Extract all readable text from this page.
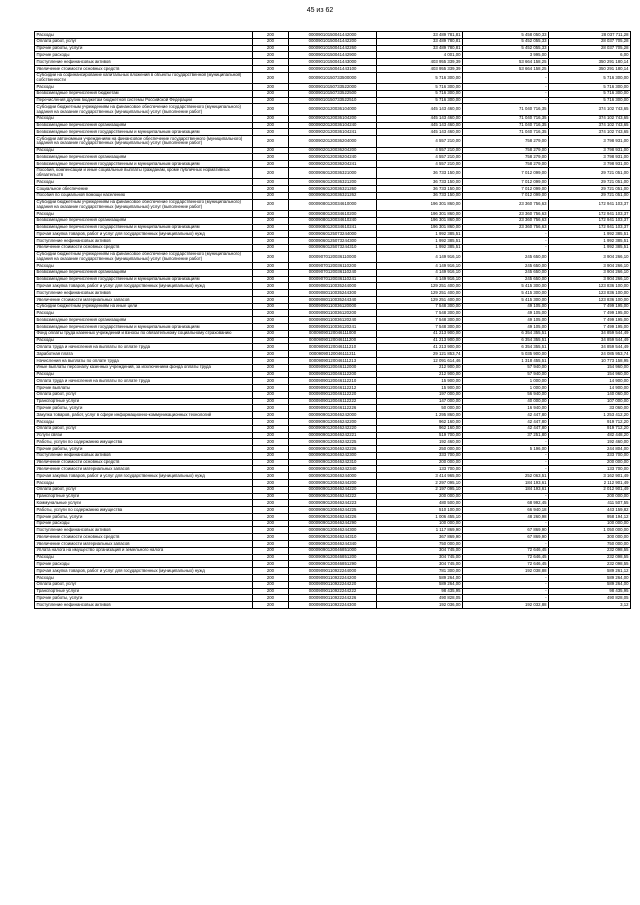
45 из 62
Расходы	200	00009010150041442000	33 489 781,81	5 458 050,33	28 037 711,28
Оплата работ, услуг	200	00009010150041442200	33 489 780,81	5 452 055,33	28 037 705,28
Прочие работы, услуги	200	00009010150041442260	33 489 780,81	5 452 055,33	28 037 705,28
Прочие расходы	200	00009010150041442900	4 001,00	3 995,00	6,00
Поступление нефинансовых активов	200	00009010150041443000	403 955 339,39	53 664 158,25	350 291 180,14
Увеличение стоимости основных средств	200	00009010150041443100	403 955 339,39	53 664 158,25	350 291 180,14
Субсидии на софинансирование капитальных вложений в объекты государственной (муниципальной) собственности	200	00009010150733500000	5 716 300,00	-	5 716 300,00
Расходы	200	00009010150733522000	5 716 300,00	-	5 716 300,00
Безвозмездные перечисления бюджетам	200	00009010150733522500	5 716 300,00	-	5 716 300,00
Перечисления другим бюджетам бюджетной системы Российской Федерации	200	00009010150733522510	5 716 300,00	-	5 716 300,00
Субсидии бюджетным учреждениям на финансовое обеспечение государственного (муниципального) задания на оказание государственных (муниципальных) услуг (выполнение работ)	200	00009020120036104000	445 143 460,00	71 040 716,35	374 102 743,65
Расходы	200	00009020120036104200	445 143 460,00	71 040 716,35	374 102 743,65
Безвозмездные перечисления организациям	200	00009020120036104240	445 143 460,00	71 040 716,35	374 102 743,65
Безвозмездные перечисления государственным и муниципальным организациям	200	00009020120036104241	445 143 460,00	71 040 716,35	374 102 743,65
Субсидии автономным учреждениям на финансовое обеспечение государственного (муниципального) задания на оказание государственных (муниципальных) услуг (выполнение работ)	200	00009020120036204000	4 557 210,00	758 279,00	3 798 931,00
Расходы	200	00009020120036204200	4 557 210,00	758 279,00	3 798 931,00
Безвозмездные перечисления организациям	200	00009020120036204240	4 557 210,00	758 279,00	3 798 931,00
Безвозмездные перечисления государственным и муниципальным организациям	200	00009020120036204241	4 557 210,00	758 279,00	3 798 931,00
Пособия, компенсации и иные социальные выплаты гражданам, кроме публичных нормативных обязательств	200	00009060120036321000	36 733 150,00	7 012 099,00	29 721 051,00
Расходы	200	00009060120036321200	36 733 150,00	7 012 099,00	29 721 051,00
Социальное обеспечение	200	00009060120036321260	36 733 150,00	7 012 099,00	29 721 051,00
Пособия по социальной помощи населению	200	00009060120036321262	36 733 150,00	7 012 099,00	29 721 051,00
Субсидии бюджетным учреждениям на финансовое обеспечение государственного (муниципального) задания на оказание государственных (муниципальных) услуг (выполнение работ)	200	00009080120034610000	196 301 860,00	23 360 756,63	172 941 103,37
Расходы	200	00009080120034610200	196 301 860,00	23 360 756,63	172 941 103,37
Безвозмездные перечисления организациям	200	00009080120034610240	196 301 860,00	23 360 756,63	172 941 103,37
Безвозмездные перечисления государственным и муниципальным организациям	200	00009080120034610241	196 301 860,00	23 360 756,63	172 941 103,37
Прочая закупка товаров, работ и услуг для государственных (муниципальных) нужд	200	00009060125073244000	1 992 385,51	-	1 992 385,51
Поступление нефинансовых активов	200	00009060125073244300	1 992 385,51	-	1 992 385,51
Увеличение стоимости основных средств	200	00009060125073244310	1 992 385,51	-	1 992 385,51
Субсидии бюджетным учреждениям на финансовое обеспечение государственного (муниципального) задания на оказание государственных (муниципальных) услуг (выполнение работ)	200	00009070120036110000	4 149 916,10	245 650,00	3 904 266,10
Расходы	200	00009070120036110200	4 149 916,10	245 650,00	3 904 266,10
Безвозмездные перечисления организациям	200	00009070120036110240	4 149 916,10	245 650,00	3 904 266,10
Безвозмездные перечисления государственным и муниципальным организациям	200	00009070120036110241	4 149 916,10	245 650,00	3 904 266,10
Прочая закупка товаров, работ и услуг для государственных (муниципальных) нужд	200	00009080110035244000	129 251 400,00	5 415 300,00	123 836 100,00
Поступление нефинансовых активов	200	00009080110035244300	129 251 400,00	5 415 300,00	123 836 100,00
Увеличение стоимости материальных запасов	200	00009080110035244340	129 251 400,00	5 415 300,00	123 836 100,00
Субсидии бюджетным учреждениям на иные цели	200	00009090110036120000	7 548 300,00	49 105,00	7 499 195,00
Расходы	200	00009090110036120200	7 548 300,00	49 105,00	7 499 195,00
Безвозмездные перечисления организациям	200	00009090110036120240	7 548 300,00	49 105,00	7 499 195,00
Безвозмездные перечисления государственным и муниципальным организациям	200	00009090110036120241	7 548 300,00	49 105,00	7 499 195,00
Фонд оплаты труда казенных учреждений и взносы по обязательному социальному страхованию	200	00009090120046111000	41 213 900,00	6 354 355,51	34 859 544,49
Расходы	200	00009090120046111200	41 213 900,00	6 354 355,51	34 859 544,49
Оплата труда и начисления на выплаты по оплате труда	200	00009090120046111210	41 213 900,00	6 354 355,51	34 859 544,49
Заработная плата	200	00009090120046111211	29 121 853,74	5 035 900,00	24 085 953,74
Начисления на выплаты по оплате труда	200	00009090120046111213	12 091 614,46	1 318 455,51	10 773 158,95
Иные выплаты персоналу казенных учреждений, за исключением фонда оплаты труда	200	00009090120046112000	212 900,00	57 940,00	154 960,00
Расходы	200	00009090120046112200	212 900,00	57 940,00	154 960,00
Оплата труда и начисления на выплаты по оплате труда	200	00009090120046112210	15 900,00	1 000,00	14 900,00
Прочие выплаты	200	00009090120046112212	15 900,00	1 000,00	14 900,00
Оплата работ, услуг	200	00009090120046112220	197 000,00	56 940,00	140 060,00
Транспортные услуги	200	00009090120046112222	147 000,00	40 000,00	107 000,00
Прочие работы, услуги	200	00009090120046112226	50 000,00	16 940,00	33 060,00
Закупка товаров, работ, услуг в сфере информационно-коммуникационных технологий	200	00009090120046242000	1 295 860,00	42 447,80	1 253 412,20
Расходы	200	00009090120046242200	962 160,00	42 447,80	919 712,20
Оплата работ, услуг	200	00009090120046242220	962 160,00	42 447,80	919 712,20
Услуги связи	200	00009090120046242221	519 700,00	37 251,80	482 448,20
Работы, услуги по содержанию имущества	200	00009090120046242225	192 460,00	-	192 460,00
Прочие работы, услуги	200	00009090120046242226	250 000,00	5 196,00	244 804,00
Поступление нефинансовых активов	200	00009090120046242300	333 700,00	-	333 700,00
Увеличение стоимости основных средств	200	00009090120046242310	200 000,00	-	200 000,00
Увеличение стоимости материальных запасов	200	00009090120046242340	133 700,00	-	133 700,00
Прочая закупка товаров, работ и услуг для государственных (муниципальных) нужд	200	00009090120046244000	3 414 965,00	252 063,51	3 162 901,49
Расходы	200	00009090120046244200	2 297 095,10	184 193,61	2 112 901,49
Оплата работ, услуг	200	00009090120046244220	2 197 095,10	184 193,61	2 012 901,49
Транспортные услуги	200	00009090120046244222	200 000,00	-	200 000,00
Коммунальные услуги	200	00009090120046244223	480 500,00	68 992,45	411 507,55
Работы, услуги по содержанию имущества	200	00009090120046244225	510 100,00	66 940,18	443 159,82
Прочие работы, услуги	200	00009090120046244226	1 006 455,10	48 260,98	958 194,12
Прочие расходы	200	00009090120046244290	100 000,00	-	100 000,00
Поступление нефинансовых активов	200	00009090120046244300	1 117 869,90	67 869,90	1 050 000,00
Увеличение стоимости основных средств	200	00009090120046244310	367 869,90	67 869,90	300 000,00
Увеличение стоимости материальных запасов	200	00009090120046244340	750 000,00	-	750 000,00
Уплата налога на имущество организаций и земельного налога	200	00009090120046851000	304 745,00	72 646,45	232 098,55
Расходы	200	00009090120046851200	304 745,00	72 646,45	232 098,55
Прочие расходы	200	00009090120046851290	304 745,00	72 646,45	232 098,55
Прочая закупка товаров, работ и услуг для государственных (муниципальных) нужд	200	00009090110922244000	781 300,00	192 038,88	589 261,12
Расходы	200	00009090110922244200	589 264,00	-	589 264,00
Оплата работ, услуг	200	00009090110922244220	589 264,00	-	589 264,00
Транспортные услуги	200	00009090110922244222	98 435,95	-	98 435,95
Прочие работы, услуги	200	00009090110922244226	490 828,05	-	490 828,05
Поступление нефинансовых активов	200	00009090110922244300	192 036,00	192 032,88	3,12
